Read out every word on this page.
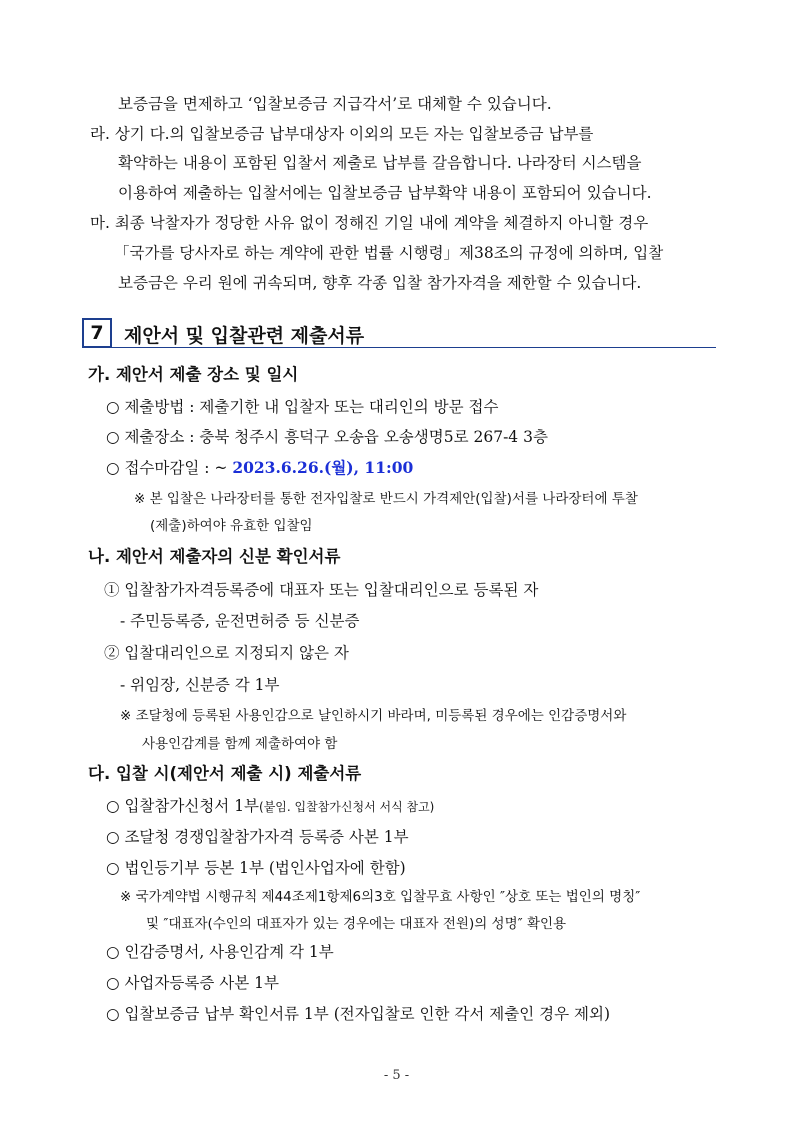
보증금을 면제하고 ‘입찰보증금 지급각서’로 대체할 수 있습니다.
라. 상기 다.의 입찰보증금 납부대상자 이외의 모든 자는 입찰보증금 납부를
확약하는 내용이 포함된 입찰서 제출로 납부를 갈음합니다. 나라장터 시스템을
이용하여 제출하는 입찰서에는 입찰보증금 납부확약 내용이 포함되어 있습니다.
마. 최종 낙찰자가 정당한 사유 없이 정해진 기일 내에 계약을 체결하지 아니할 경우
「국가를 당사자로 하는 계약에 관한 법률 시행령」제38조의 규정에 의하며, 입찰
보증금은 우리 원에 귀속되며, 향후 각종 입찰 참가자격을 제한할 수 있습니다.
7	제안서 및 입찰관련 제출서류
가. 제안서 제출 장소 및 일시
○ 제출방법 : 제출기한 내 입찰자 또는 대리인의 방문 접수
○ 제출장소 : 충북 청주시 흥덕구 오송읍 오송생명5로 267-4 3층
○ 접수마감일 : ~ 2023.6.26.(월), 11:00
※ 본 입찰은 나라장터를 통한 전자입찰로 반드시 가격제안(입찰)서를 나라장터에 투찰
(제출)하여야 유효한 입찰임
나. 제안서 제출자의 신분 확인서류
① 입찰참가자격등록증에 대표자 또는 입찰대리인으로 등록된 자
- 주민등록증, 운전면허증 등 신분증
② 입찰대리인으로 지정되지 않은 자
- 위임장, 신분증 각 1부
※ 조달청에 등록된 사용인감으로 날인하시기 바라며, 미등록된 경우에는 인감증명서와
사용인감계를 함께 제출하여야 함
다. 입찰 시(제안서 제출 시) 제출서류
○ 입찰참가신청서 1부(붙임. 입찰참가신청서 서식 참고)
○ 조달청 경쟁입찰참가자격 등록증 사본 1부
○ 법인등기부 등본 1부 (법인사업자에 한함)
※ 국가계약법 시행규칙 제44조제1항제6의3호 입찰무효 사항인 ″상호 또는 법인의 명칭″
및 ″대표자(수인의 대표자가 있는 경우에는 대표자 전원)의 성명″ 확인용
○ 인감증명서, 사용인감계 각 1부
○ 사업자등록증 사본 1부
○ 입찰보증금 납부 확인서류 1부 (전자입찰로 인한 각서 제출인 경우 제외)
- 5 -
